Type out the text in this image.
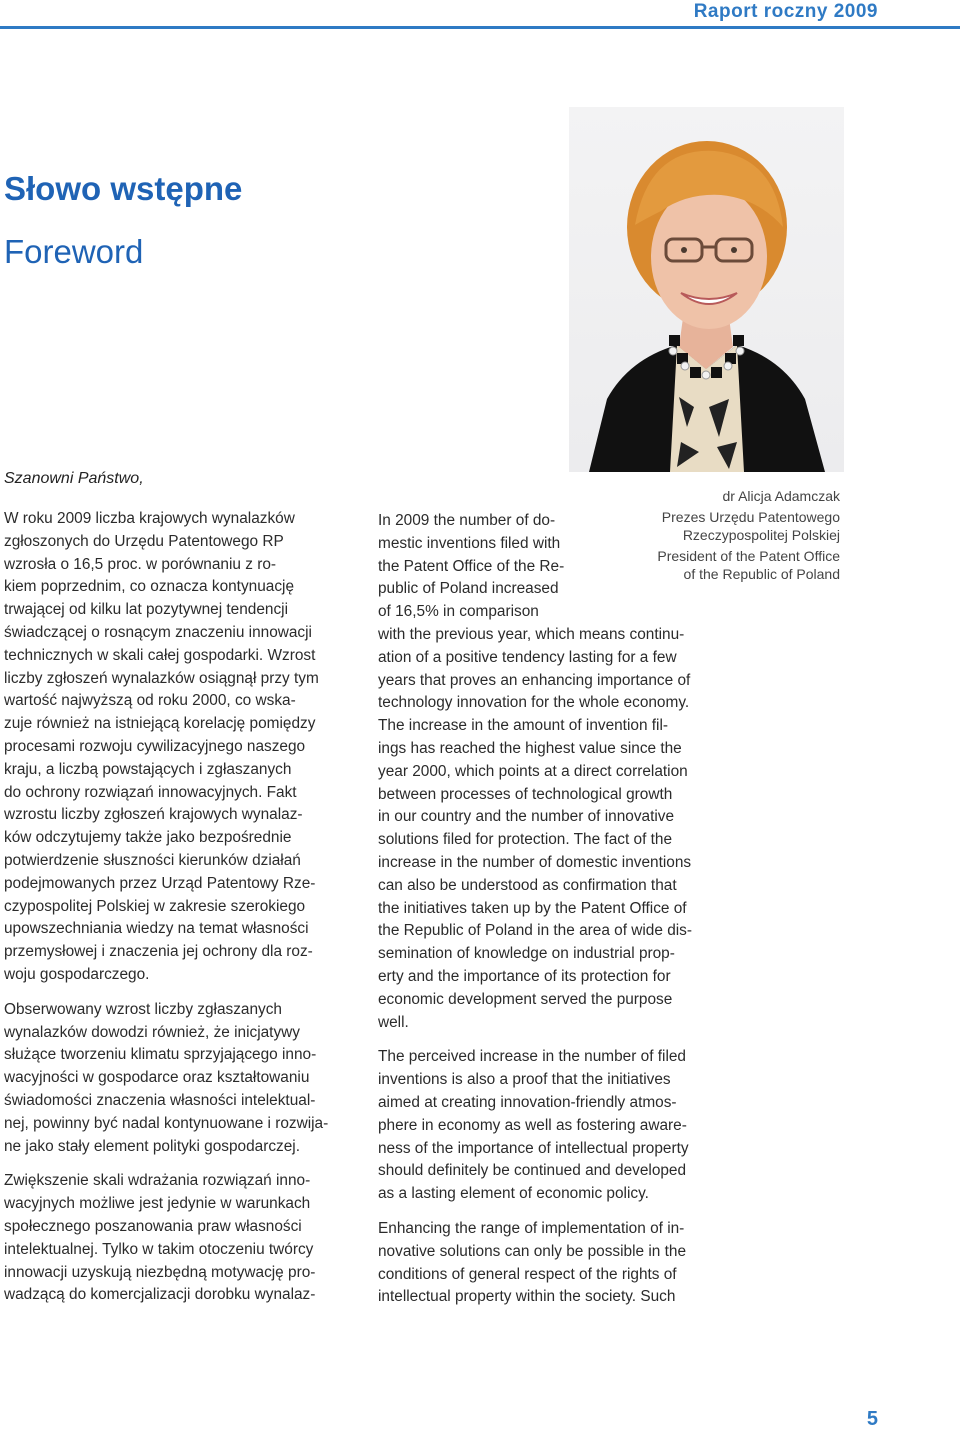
Raport roczny 2009
Słowo wstępne
Foreword
dr Alicja Adamczak
Prezes Urzędu Patentowego
Rzeczypospolitej Polskiej
President of the Patent Office
of the Republic of Poland
Szanowni Państwo,

W roku 2009 liczba krajowych wynalazków
zgłoszonych do Urzędu Patentowego RP
wzrosła o 16,5 proc. w porównaniu z ro-
kiem poprzednim, co oznacza kontynuację
trwającej od kilku lat pozytywnej tendencji
świadczącej o rosnącym znaczeniu innowacji
technicznych w skali całej gospodarki. Wzrost
liczby zgłoszeń wynalazków osiągnął przy tym
wartość najwyższą od roku 2000, co wska-
zuje również na istniejącą korelację pomiędzy
procesami rozwoju cywilizacyjnego naszego
kraju, a liczbą powstających i zgłaszanych
do ochrony rozwiązań innowacyjnych. Fakt
wzrostu liczby zgłoszeń krajowych wynalaz-
ków odczytujemy także jako bezpośrednie
potwierdzenie słuszności kierunków działań
podejmowanych przez Urząd Patentowy Rze-
czypospolitej Polskiej w zakresie szerokiego
upowszechniania wiedzy na temat własności
przemysłowej i znaczenia jej ochrony dla roz-
woju gospodarczego.

Obserwowany wzrost liczby zgłaszanych
wynalazków dowodzi również, że inicjatywy
służące tworzeniu klimatu sprzyjającego inno-
wacyjności w gospodarce oraz kształtowaniu
świadomości znaczenia własności intelektual-
nej, powinny być nadal kontynuowane i rozwija-
ne jako stały element polityki gospodarczej.

Zwiększenie skali wdrażania rozwiązań inno-
wacyjnych możliwe jest jedynie w warunkach
społecznego poszanowania praw własności
intelektualnej. Tylko w takim otoczeniu twórcy
innowacji uzyskują niezbędną motywację pro-
wadzącą do komercjalizacji dorobku wynalaz-

In 2009 the number of do-
mestic inventions filed with
the Patent Office of the Re-
public of Poland increased
of 16,5% in comparison
with the previous year, which means continu-
ation of a positive tendency lasting for a few
years that proves an enhancing importance of
technology innovation for the whole economy.
The increase in the amount of invention fil-
ings has reached the highest value since the
year 2000, which points at a direct correlation
between processes of technological growth
in our country and the number of innovative
solutions filed for protection. The fact of the
increase in the number of domestic inventions
can also be understood as confirmation that
the initiatives taken up by the Patent Office of
the Republic of Poland in the area of wide dis-
semination of knowledge on industrial prop-
erty and the importance of its protection for
economic development served the purpose
well.

The perceived increase in the number of filed
inventions is also a proof that the initiatives
aimed at creating innovation-friendly atmos-
phere in economy as well as fostering aware-
ness of the importance of intellectual property
should definitely be continued and developed
as a lasting element of economic policy.

Enhancing the range of implementation of in-
novative solutions can only be possible in the
conditions of general respect of the rights of
intellectual property within the society. Such

5
